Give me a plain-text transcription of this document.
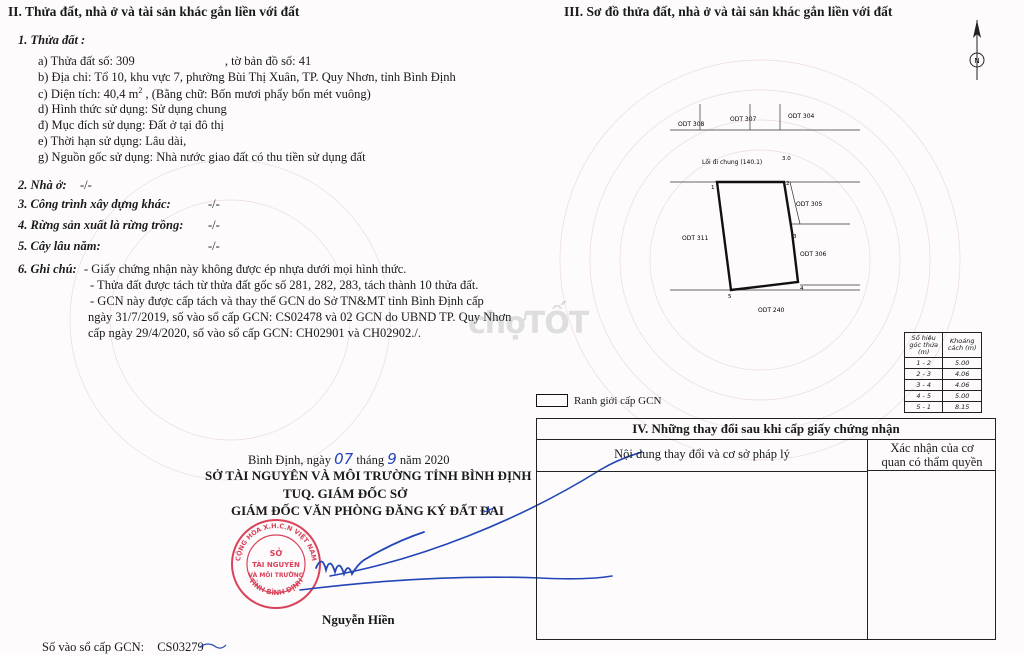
II. Thửa đất, nhà ở và tài sản khác gắn liền với đất
1. Thửa đất :
a) Thửa đất số: 309	, tờ bản đồ số: 41
b) Địa chỉ: Tổ 10, khu vực 7, phường Bùi Thị Xuân, TP. Quy Nhơn, tỉnh Bình Định
c) Diện tích: 40,4 $m^2$ , (Bằng chữ: Bốn mươi phẩy bốn mét vuông)
d) Hình thức sử dụng: Sử dụng chung
đ) Mục đích sử dụng: Đất ở tại đô thị
e) Thời hạn sử dụng: Lâu dài,
g) Nguồn gốc sử dụng: Nhà nước giao đất có thu tiền sử dụng đất
2. Nhà ở: -/-
3. Công trình xây dựng khác:	-/-
4. Rừng sản xuất là rừng trồng: -/-
5. Cây lâu năm:	-/-
6. Ghi chú: - Giấy chứng nhận này không được ép nhựa dưới mọi hình thức.
- Thửa đất được tách từ thửa đất gốc số 281, 282, 283, tách thành 10 thửa đất.
- GCN này được cấp tách và thay thế GCN do Sở TN&MT tỉnh Bình Định cấp
ngày 31/7/2019, số vào sổ cấp GCN: CS02478 và 02 GCN do UBND TP. Quy Nhơn
cấp ngày 29/4/2020, số vào sổ cấp GCN: CH02901 và CH02902./.
Bình Định, ngày 07 tháng 9 năm 2020
SỞ TÀI NGUYÊN VÀ MÔI TRƯỜNG TỈNH BÌNH ĐỊNH
TUQ. GIÁM ĐỐC SỞ
GIÁM ĐỐC VĂN PHÒNG ĐĂNG KÝ ĐẤT ĐAI
Nguyễn Hiền
Số vào sổ cấp GCN: CS03279
CỘNG HÒA X.H.C.N VIỆT NAM
TỈNH BÌNH ĐỊNH
SỞ
TÀI NGUYÊN
VÀ MÔI TRƯỜNG
III. Sơ đồ thửa đất, nhà ở và tài sản khác gắn liền với đất
N
ODT 308
ODT 307	ODT 304
Lối đi chung (140.1)	3.0
ODT 305
ODT 306
ODT 311
ODT 240
1
2
3
4
5
chợTỐT	Số hiệu góc thửa (m)	Khoảng cách (m)
1 - 2	5.00
2 - 3	4.06
3 - 4	4.06
4 - 5	5.00
5 - 1	8.15
Ranh giới cấp GCN
IV. Những thay đổi sau khi cấp giấy chứng nhận
Nội dung thay đổi và cơ sở pháp lý	Xác nhận của cơ
quan có thẩm quyền
